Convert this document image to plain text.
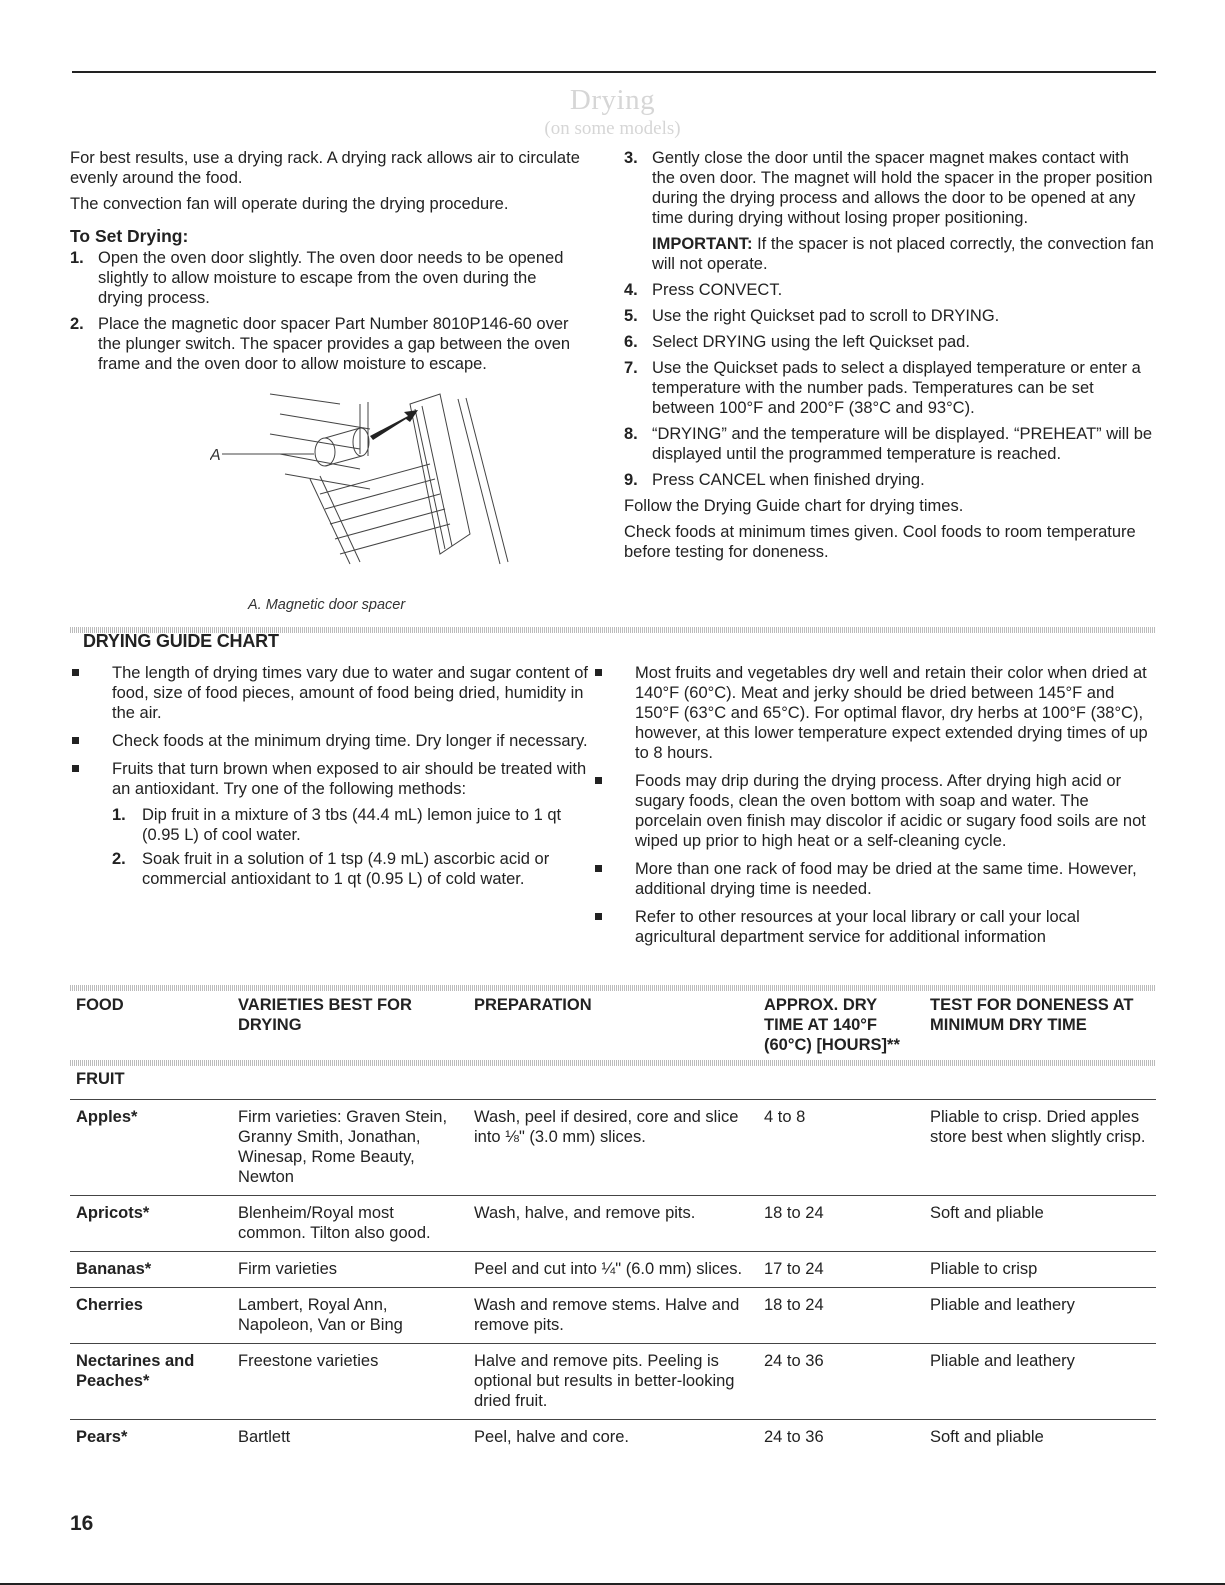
Drying
(on some models)

For best results, use a drying rack. A drying rack allows air to circulate evenly around the food.

The convection fan will operate during the drying procedure.

To Set Drying:
1. Open the oven door slightly. The oven door needs to be opened slightly to allow moisture to escape from the oven during the drying process.
2. Place the magnetic door spacer Part Number 8010P146-60 over the plunger switch. The spacer provides a gap between the oven frame and the oven door to allow moisture to escape.
A
A. Magnetic door spacer
3. Gently close the door until the spacer magnet makes contact with the oven door. The magnet will hold the spacer in the proper position during the drying process and allows the door to be opened at any time during drying without losing proper positioning.
IMPORTANT: If the spacer is not placed correctly, the convection fan will not operate.
4. Press CONVECT.
5. Use the right Quickset pad to scroll to DRYING.
6. Select DRYING using the left Quickset pad.
7. Use the Quickset pads to select a displayed temperature or enter a temperature with the number pads. Temperatures can be set between 100°F and 200°F (38°C and 93°C).
8. “DRYING” and the temperature will be displayed. “PREHEAT” will be displayed until the programmed temperature is reached.
9. Press CANCEL when finished drying.

Follow the Drying Guide chart for drying times.

Check foods at minimum times given. Cool foods to room temperature before testing for doneness.

DRYING GUIDE CHART
The length of drying times vary due to water and sugar content of food, size of food pieces, amount of food being dried, humidity in the air.
Check foods at the minimum drying time. Dry longer if necessary.
Fruits that turn brown when exposed to air should be treated with an antioxidant. Try one of the following methods:
1. Dip fruit in a mixture of 3 tbs (44.4 mL) lemon juice to 1 qt (0.95 L) of cool water.
2. Soak fruit in a solution of 1 tsp (4.9 mL) ascorbic acid or commercial antioxidant to 1 qt (0.95 L) of cold water.
Most fruits and vegetables dry well and retain their color when dried at 140°F (60°C). Meat and jerky should be dried between 145°F and 150°F (63°C and 65°C). For optimal flavor, dry herbs at 100°F (38°C), however, at this lower temperature expect extended drying times of up to 8 hours.
Foods may drip during the drying process. After drying high acid or sugary foods, clean the oven bottom with soap and water. The porcelain oven finish may discolor if acidic or sugary food soils are not wiped up prior to high heat or a self-cleaning cycle.
More than one rack of food may be dried at the same time. However, additional drying time is needed.
Refer to other resources at your local library or call your local agricultural department service for additional information
FOOD	VARIETIES BEST FOR DRYING	PREPARATION	APPROX. DRY TIME AT 140°F (60°C) [HOURS]**	TEST FOR DONENESS AT MINIMUM DRY TIME
FRUIT				
Apples*	Firm varieties: Graven Stein, Granny Smith, Jonathan, Winesap, Rome Beauty, Newton	Wash, peel if desired, core and slice into ⅛" (3.0 mm) slices.	4 to 8	Pliable to crisp. Dried apples store best when slightly crisp.
Apricots*	Blenheim/Royal most common. Tilton also good.	Wash, halve, and remove pits.	18 to 24	Soft and pliable
Bananas*	Firm varieties	Peel and cut into ¼" (6.0 mm) slices.	17 to 24	Pliable to crisp
Cherries	Lambert, Royal Ann, Napoleon, Van or Bing	Wash and remove stems. Halve and remove pits.	18 to 24	Pliable and leathery
Nectarines and Peaches*	Freestone varieties	Halve and remove pits. Peeling is optional but results in better-looking dried fruit.	24 to 36	Pliable and leathery
Pears*	Bartlett	Peel, halve and core.	24 to 36	Soft and pliable
16
